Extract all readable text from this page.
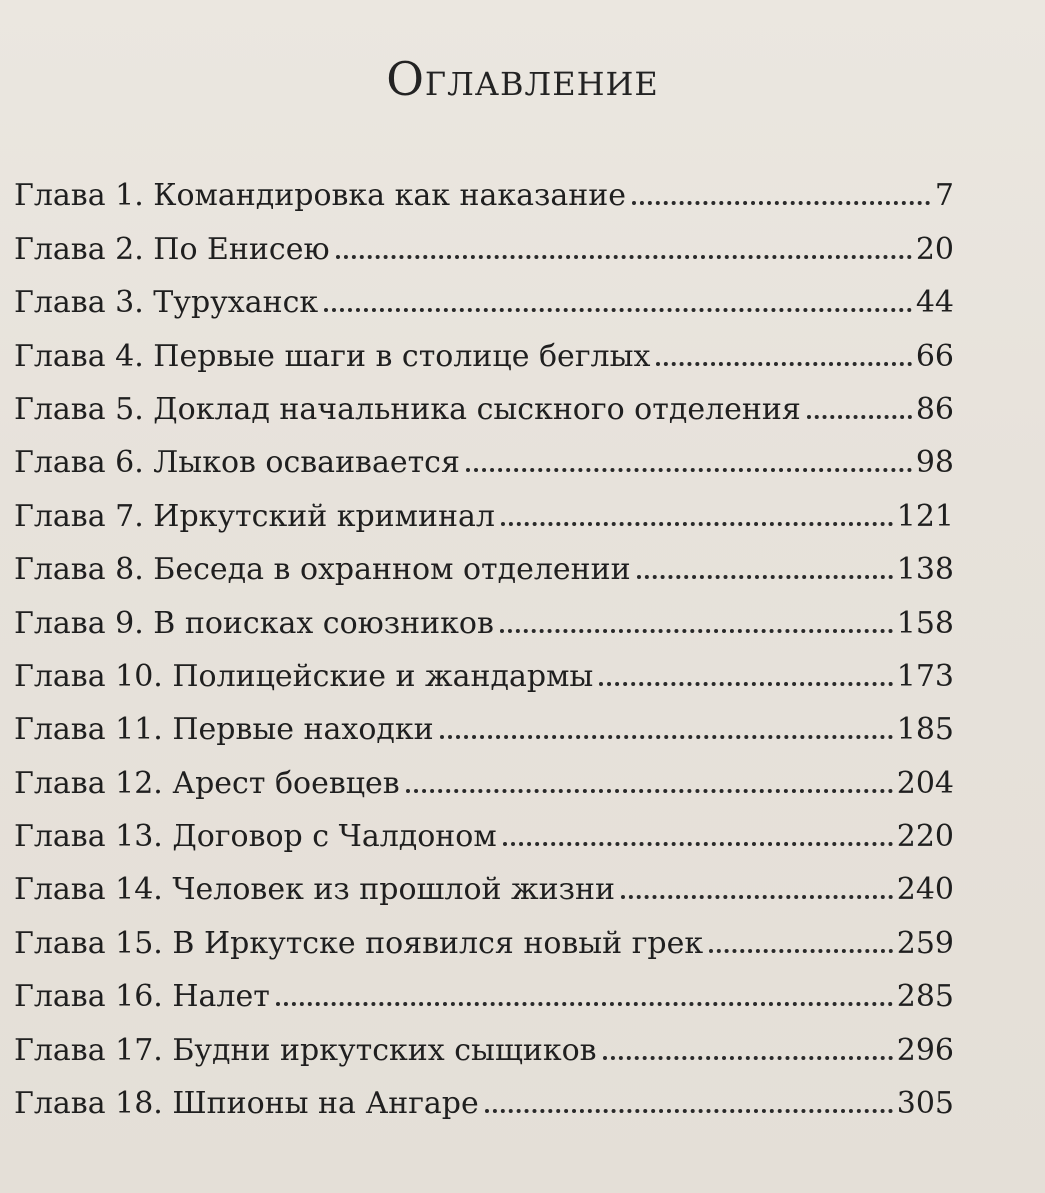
Оглавление
Глава 1. Командировка как наказание	7
Глава 2. По Енисею	20
Глава 3. Туруханск	44
Глава 4. Первые шаги в столице беглых	66
Глава 5. Доклад начальника сыскного отделения	86
Глава 6. Лыков осваивается	98
Глава 7. Иркутский криминал	121
Глава 8. Беседа в охранном отделении	138
Глава 9. В поисках союзников	158
Глава 10. Полицейские и жандармы	173
Глава 11. Первые находки	185
Глава 12. Арест боевцев	204
Глава 13. Договор с Чалдоном	220
Глава 14. Человек из прошлой жизни	240
Глава 15. В Иркутске появился новый грек	259
Глава 16. Налет	285
Глава 17. Будни иркутских сыщиков	296
Глава 18. Шпионы на Ангаре	305
